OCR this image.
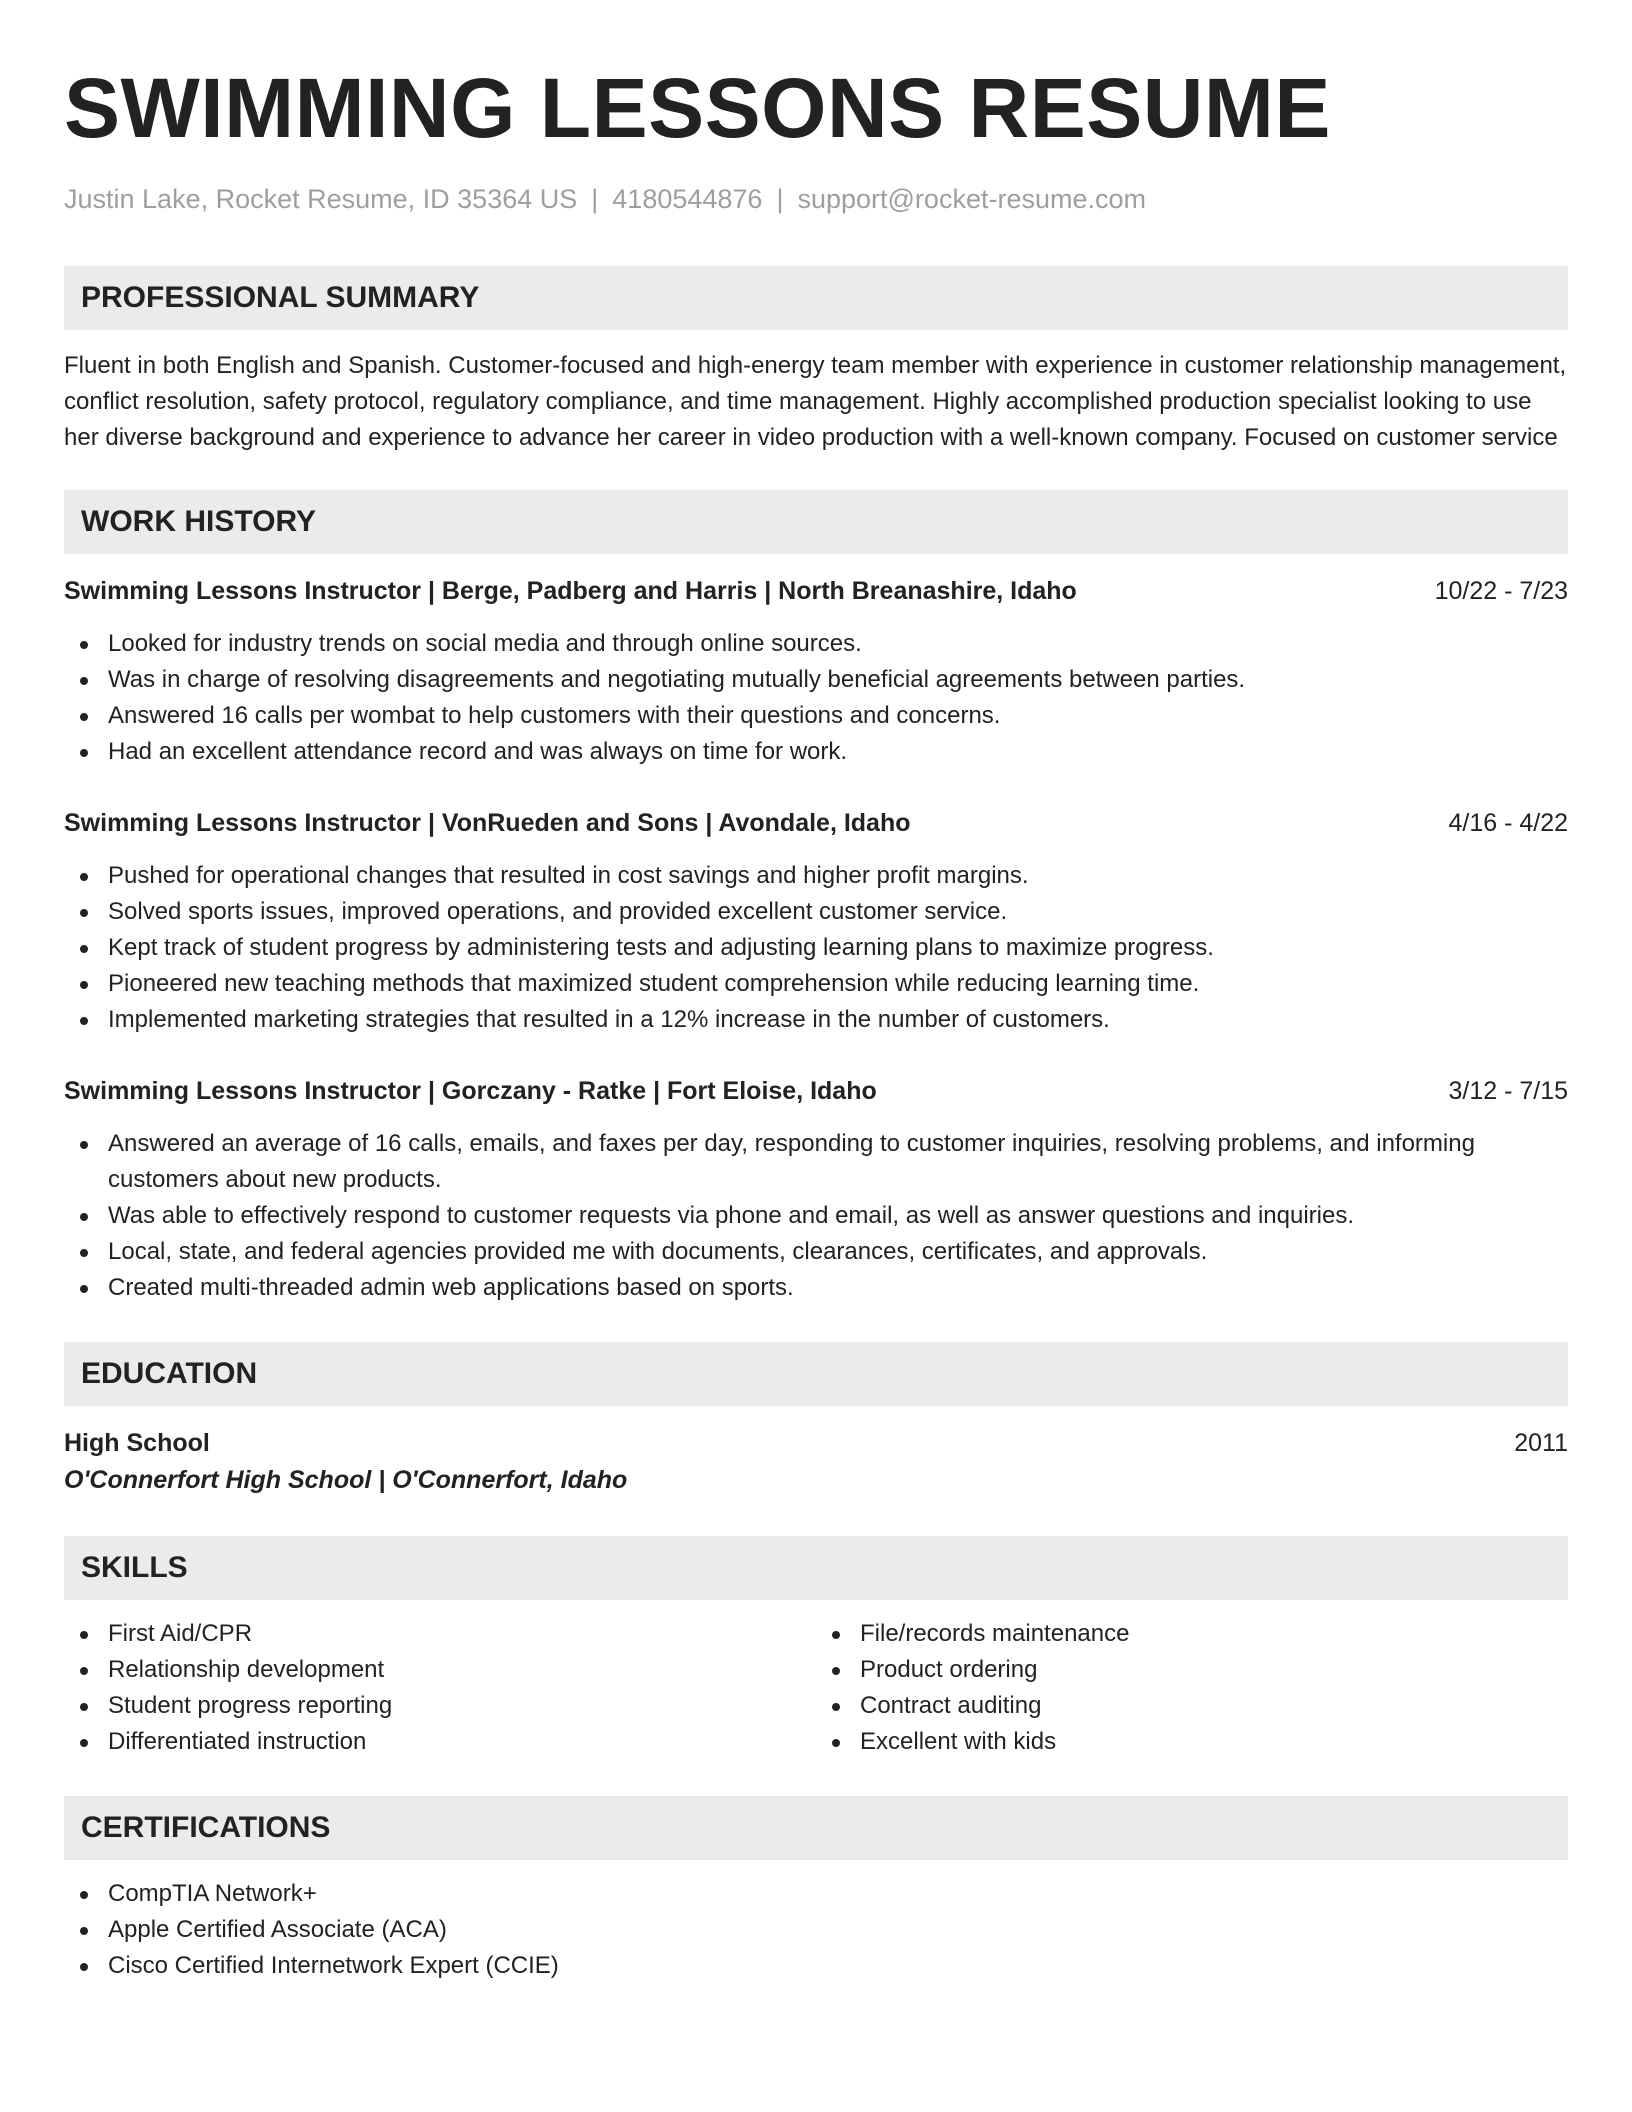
SWIMMING LESSONS RESUME
Justin Lake, Rocket Resume, ID 35364 US | 4180544876 | support@rocket-resume.com
PROFESSIONAL SUMMARY

Fluent in both English and Spanish. Customer-focused and high-energy team member with experience in customer relationship management, conflict resolution, safety protocol, regulatory compliance, and time management. Highly accomplished production specialist looking to use her diverse background and experience to advance her career in video production with a well-known company. Focused on customer service

WORK HISTORY
Swimming Lessons Instructor | Berge, Padberg and Harris | North Breanashire, Idaho	10/22 - 7/23
Looked for industry trends on social media and through online sources.
Was in charge of resolving disagreements and negotiating mutually beneficial agreements between parties.
Answered 16 calls per wombat to help customers with their questions and concerns.
Had an excellent attendance record and was always on time for work.
Swimming Lessons Instructor | VonRueden and Sons | Avondale, Idaho	4/16 - 4/22
Pushed for operational changes that resulted in cost savings and higher profit margins.
Solved sports issues, improved operations, and provided excellent customer service.
Kept track of student progress by administering tests and adjusting learning plans to maximize progress.
Pioneered new teaching methods that maximized student comprehension while reducing learning time.
Implemented marketing strategies that resulted in a 12% increase in the number of customers.
Swimming Lessons Instructor | Gorczany - Ratke | Fort Eloise, Idaho	3/12 - 7/15
Answered an average of 16 calls, emails, and faxes per day, responding to customer inquiries, resolving problems, and informing customers about new products.
Was able to effectively respond to customer requests via phone and email, as well as answer questions and inquiries.
Local, state, and federal agencies provided me with documents, clearances, certificates, and approvals.
Created multi-threaded admin web applications based on sports.
EDUCATION
High School	2011
O'Connerfort High School | O'Connerfort, Idaho
SKILLS
First Aid/CPR
Relationship development
Student progress reporting
Differentiated instruction
File/records maintenance
Product ordering
Contract auditing
Excellent with kids
CERTIFICATIONS
CompTIA Network+
Apple Certified Associate (ACA)
Cisco Certified Internetwork Expert (CCIE)
